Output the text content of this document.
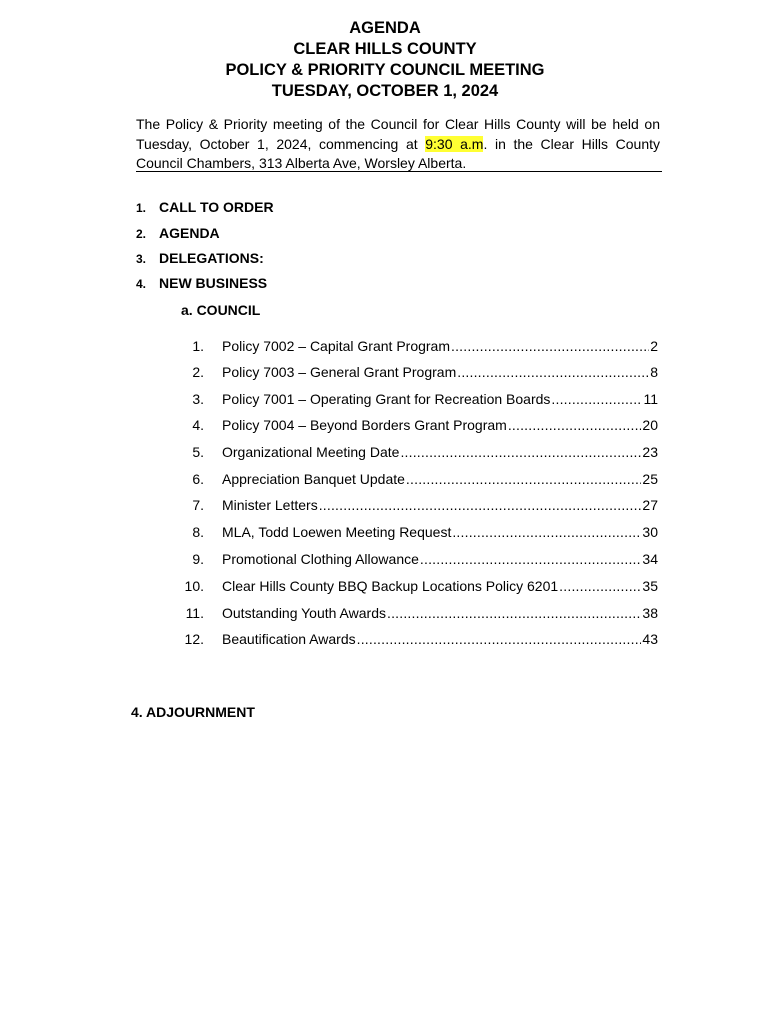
AGENDA
CLEAR HILLS COUNTY
POLICY & PRIORITY COUNCIL MEETING
TUESDAY, OCTOBER 1, 2024
The Policy & Priority meeting of the Council for Clear Hills County will be held on Tuesday, October 1, 2024, commencing at 9:30 a.m. in the Clear Hills County Council Chambers, 313 Alberta Ave, Worsley Alberta.
1. CALL TO ORDER
2. AGENDA
3. DELEGATIONS:
4. NEW BUSINESS
a. COUNCIL
1. Policy 7002 – Capital Grant Program .....	2
2. Policy 7003 – General Grant Program .....	8
3. Policy 7001 – Operating Grant for Recreation Boards .....	11
4. Policy 7004 – Beyond Borders Grant Program .....	20
5. Organizational Meeting Date .....	23
6. Appreciation Banquet Update .....	25
7. Minister Letters .....	27
8. MLA, Todd Loewen Meeting Request .....	30
9. Promotional Clothing Allowance .....	34
10. Clear Hills County BBQ Backup Locations Policy 6201 .....	35
11. Outstanding Youth Awards .....	38
12. Beautification Awards .....	43
4. ADJOURNMENT
